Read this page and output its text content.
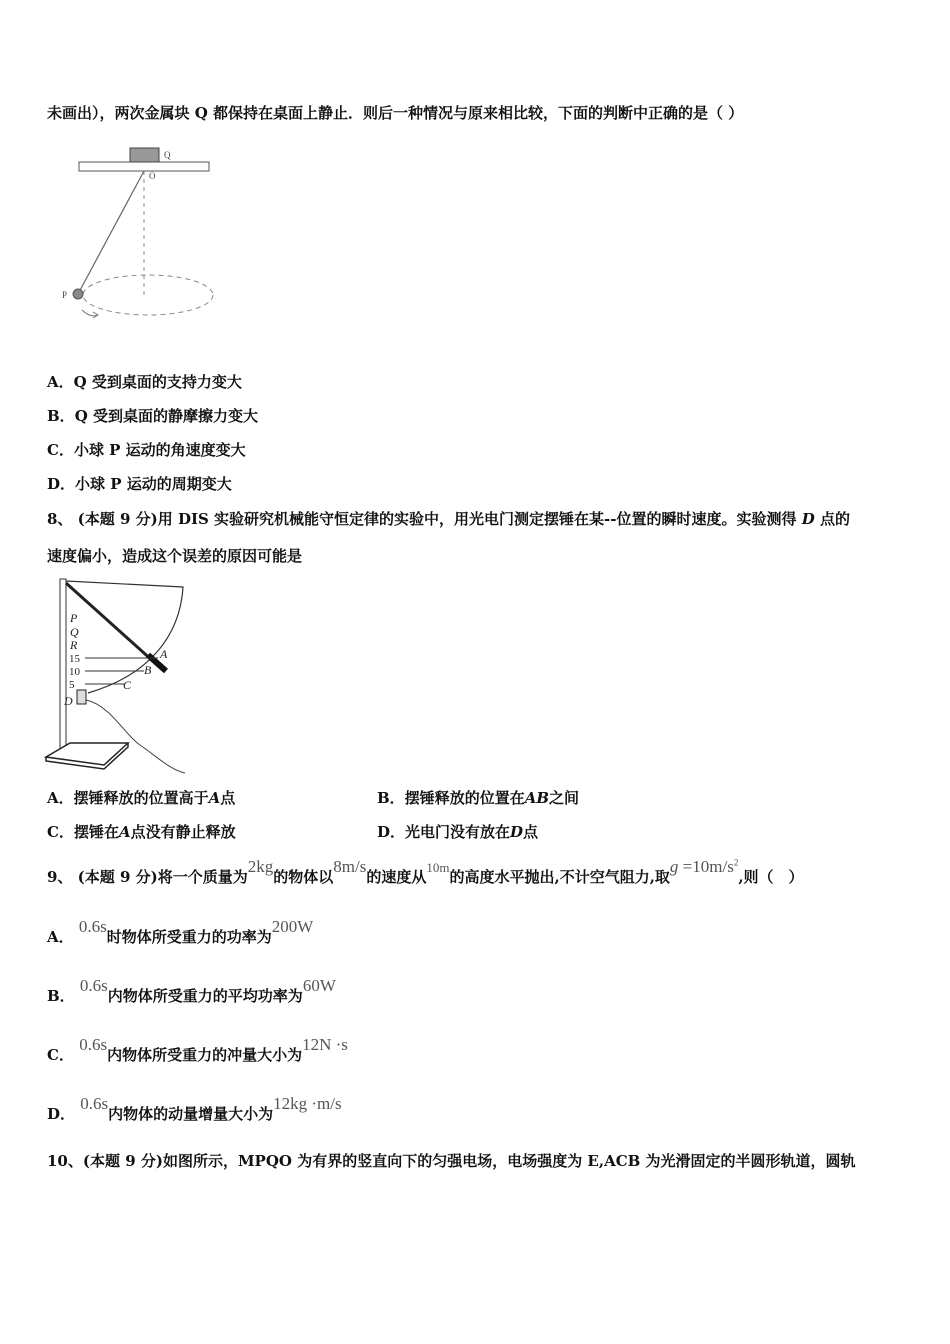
未画出），两次金属块 Q 都保持在桌面上静止．则后一种情况与原来相比较，下面的判断中正确的是（ ）
Q
O
P
A．Q 受到桌面的支持力变大
B．Q 受到桌面的静摩擦力变大
C．小球 P 运动的角速度变大
D．小球 P 运动的周期变大
8、 (本题 9 分)用 DIS 实验研究机械能守恒定律的实验中，用光电门测定摆锤在某--位置的瞬时速度。实验测得 D 点的
速度偏小，造成这个误差的原因可能是
P
Q
R
15
10
5
A
B
C
D
A．摆锤释放的位置高于A点	B．摆锤释放的位置在AB之间
C．摆锤在A点没有静止释放	D．光电门没有放在D点
9、 (本题 9 分)将一个质量为2kg的物体以8m/s的速度从10m的高度水平抛出,不计空气阻力,取$g =10m/s^2$,则（　）
A． 0.6s时物体所受重力的功率为200W
B． 0.6s内物体所受重力的平均功率为60W
C． 0.6s内物体所受重力的冲量大小为12N ·s
D． 0.6s内物体的动量增量大小为12kg ·m/s
10、(本题 9 分)如图所示，MPQO 为有界的竖直向下的匀强电场，电场强度为 E,ACB 为光滑固定的半圆形轨道，圆轨
